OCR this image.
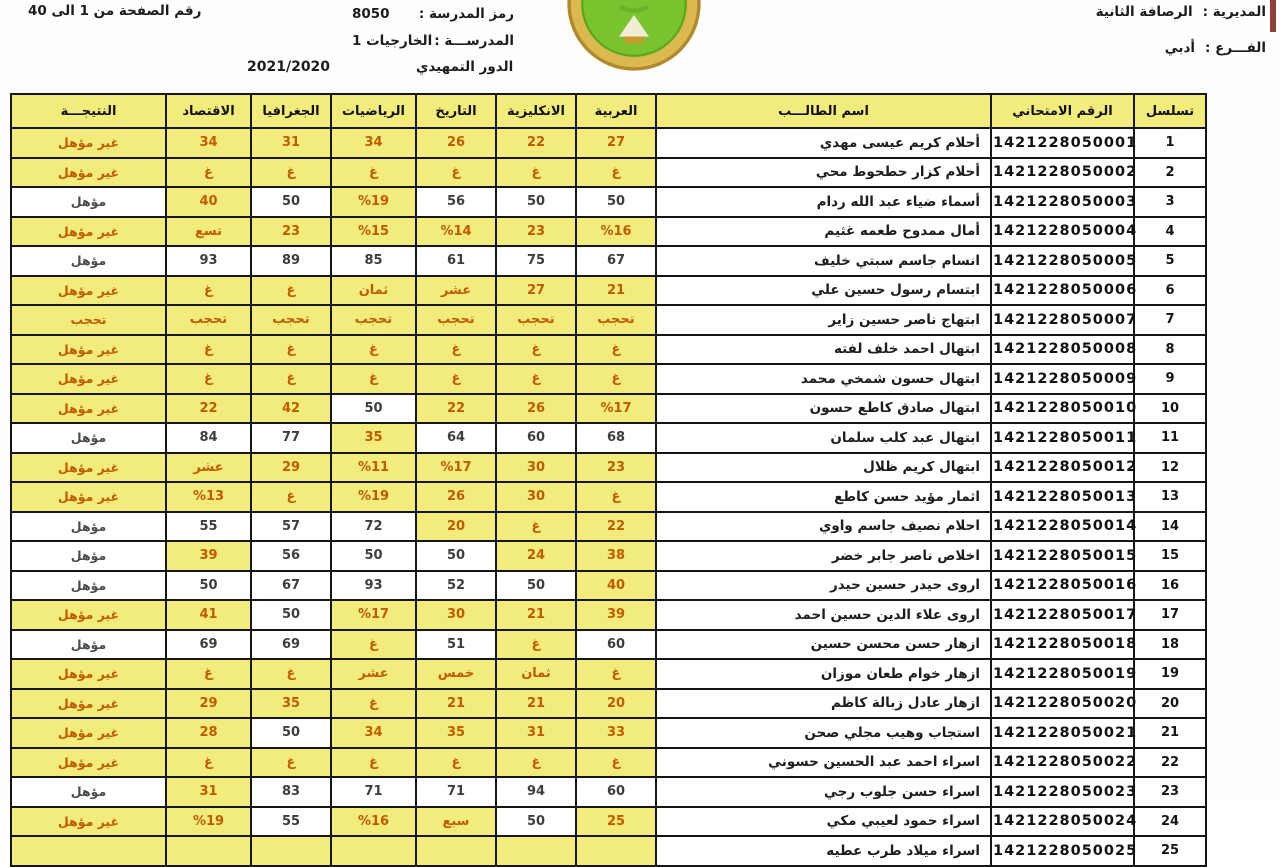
رقم الصفحة من 1 الى 40
2021/2020
رمز المدرسة :
8050
المدرســـة :
الخارجيات 1
الدور التمهيدي
المديرية :
الرصافة الثانية
الفـــرع :
أدبي
تسلسل	الرقم الامتحاني	اسم الطالـــب	العربية	الانكليزية	التاريخ	الرياضيات	الجغرافيا	الاقتصاد	النتيجـــة
1	1421228050001	أحلام كريم عيسى مهدي	27	22	26	34	31	34	غير مؤهل
2	1421228050002	أحلام كزار حطحوط محي	غ	غ	غ	غ	غ	غ	غير مؤهل
3	1421228050003	أسماء ضياء عبد الله ردام	50	50	56	%19	50	40	مؤهل
4	1421228050004	أمال ممدوح طعمه غثيم	%16	23	%14	%15	23	تسع	غير مؤهل
5	1421228050005	انسام جاسم سبتي خليف	67	75	61	85	89	93	مؤهل
6	1421228050006	ابتسام رسول حسين علي	21	27	عشر	ثمان	غ	غ	غير مؤهل
7	1421228050007	ابتهاج ناصر حسين زاير	تحجب	تحجب	تحجب	تحجب	تحجب	تحجب	تحجب
8	1421228050008	ابتهال احمد خلف لفته	غ	غ	غ	غ	غ	غ	غير مؤهل
9	1421228050009	ابتهال حسون شمخي محمد	غ	غ	غ	غ	غ	غ	غير مؤهل
10	1421228050010	ابتهال صادق كاطع حسون	%17	26	22	50	42	22	غير مؤهل
11	1421228050011	ابتهال عبد كلب سلمان	68	60	64	35	77	84	مؤهل
12	1421228050012	ابتهال كريم ظلال	23	30	%17	%11	29	عشر	غير مؤهل
13	1421228050013	اثمار مؤيد حسن كاطع	غ	30	26	%19	غ	%13	غير مؤهل
14	1421228050014	احلام نصيف جاسم واوي	22	غ	20	72	57	55	مؤهل
15	1421228050015	اخلاص ناصر جابر خضر	38	24	50	50	56	39	مؤهل
16	1421228050016	اروى حيدر حسين حيدر	40	50	52	93	67	50	مؤهل
17	1421228050017	اروى علاء الدين حسين احمد	39	21	30	%17	50	41	غير مؤهل
18	1421228050018	ازهار حسن محسن حسين	60	غ	51	غ	69	69	مؤهل
19	1421228050019	ازهار خوام طعان موزان	غ	ثمان	خمس	عشر	غ	غ	غير مؤهل
20	1421228050020	ازهار عادل زبالة كاظم	20	21	21	غ	35	29	غير مؤهل
21	1421228050021	استجاب وهيب مجلي صحن	33	31	35	34	50	28	غير مؤهل
22	1421228050022	اسراء احمد عبد الحسين حسوني	غ	غ	غ	غ	غ	غ	غير مؤهل
23	1421228050023	اسراء حسن جلوب رجي	60	94	71	71	83	31	مؤهل
24	1421228050024	اسراء حمود لعيبي مكي	25	50	سبع	%16	55	%19	غير مؤهل
25	1421228050025	اسراء ميلاد طرب عطيه							
